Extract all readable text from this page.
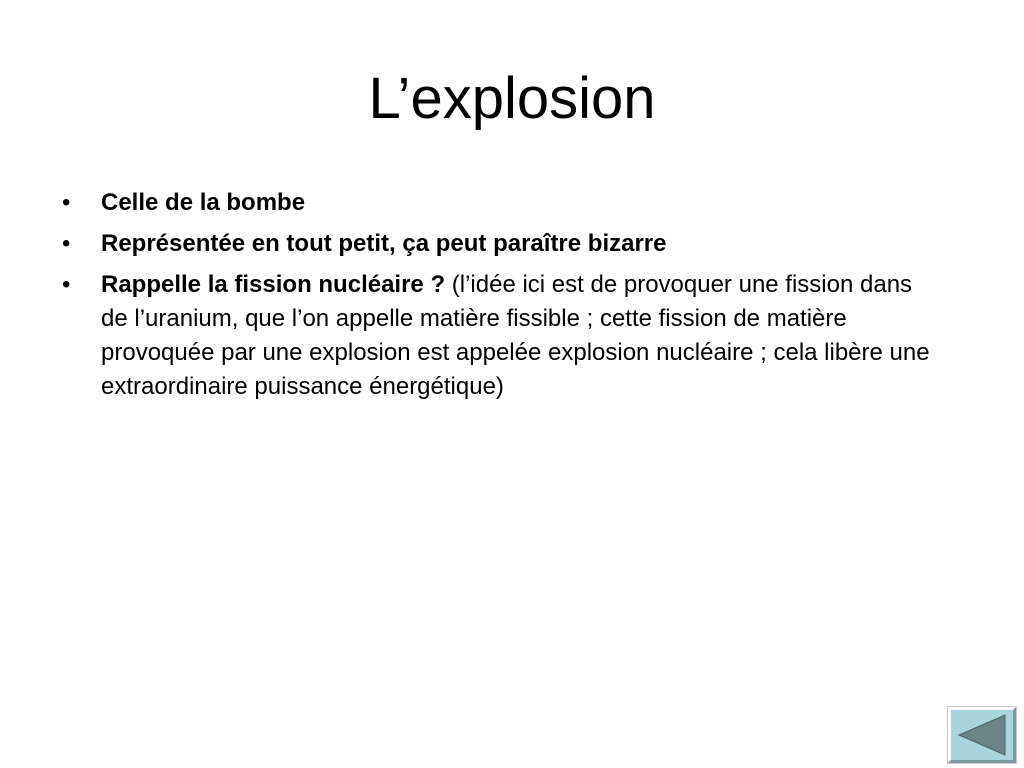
L’explosion
•	Celle de la bombe
•	Représentée en tout petit, ça peut paraître bizarre
•	Rappelle la fission nucléaire ? (l’idée ici est de provoquer une fission dans de l’uranium, que l’on appelle matière fissible ; cette fission de matière provoquée par une explosion est appelée explosion nucléaire ; cela libère une extraordinaire puissance énergétique)
